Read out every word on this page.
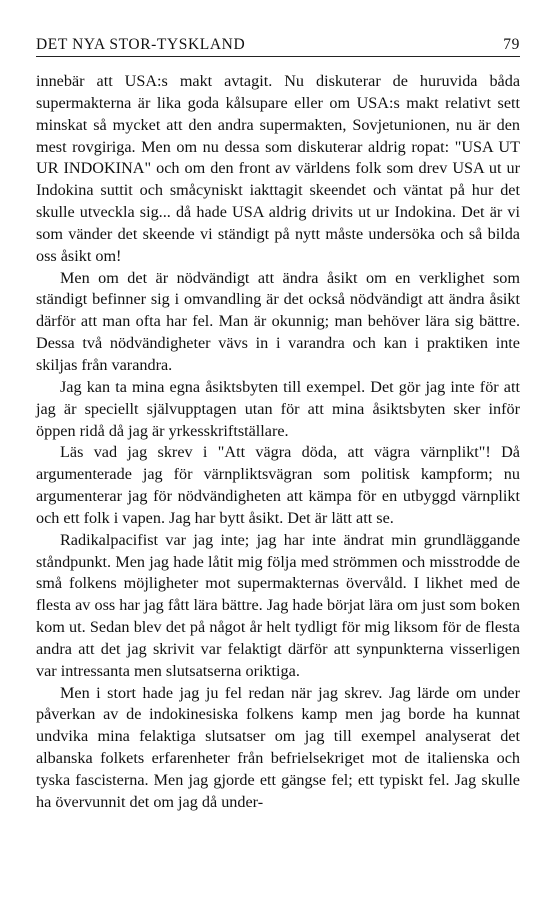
DET NYA STOR-TYSKLAND	79

innebär att USA:s makt avtagit. Nu diskuterar de huruvida båda supermakterna är lika goda kålsupare eller om USA:s makt relativt sett minskat så mycket att den andra supermakten, Sovjetunionen, nu är den mest rovgiriga. Men om nu dessa som diskuterar aldrig ropat: "USA UT UR INDOKINA" och om den front av världens folk som drev USA ut ur Indokina suttit och småcyniskt iakttagit skeendet och väntat på hur det skulle utveckla sig... då hade USA aldrig drivits ut ur Indokina. Det är vi som vänder det skeende vi ständigt på nytt måste undersöka och så bilda oss åsikt om!

Men om det är nödvändigt att ändra åsikt om en verklighet som ständigt befinner sig i omvandling är det också nödvändigt att ändra åsikt därför att man ofta har fel. Man är okunnig; man behöver lära sig bättre. Dessa två nödvändigheter vävs in i varandra och kan i praktiken inte skiljas från varandra.

Jag kan ta mina egna åsiktsbyten till exempel. Det gör jag inte för att jag är speciellt självupptagen utan för att mina åsiktsbyten sker inför öppen ridå då jag är yrkesskriftställare.

Läs vad jag skrev i "Att vägra döda, att vägra värnplikt"! Då argumenterade jag för värnpliktsvägran som politisk kampform; nu argumenterar jag för nödvändigheten att kämpa för en utbyggd värnplikt och ett folk i vapen. Jag har bytt åsikt. Det är lätt att se.

Radikalpacifist var jag inte; jag har inte ändrat min grundläggande ståndpunkt. Men jag hade låtit mig följa med strömmen och misstrodde de små folkens möjligheter mot supermakternas övervåld. I likhet med de flesta av oss har jag fått lära bättre. Jag hade börjat lära om just som boken kom ut. Sedan blev det på något år helt tydligt för mig liksom för de flesta andra att det jag skrivit var felaktigt därför att synpunkterna visserligen var intressanta men slutsatserna oriktiga.

Men i stort hade jag ju fel redan när jag skrev. Jag lärde om under påverkan av de indokinesiska folkens kamp men jag borde ha kunnat undvika mina felaktiga slutsatser om jag till exempel analyserat det albanska folkets erfarenheter från befrielsekriget mot de italienska och tyska fascisterna. Men jag gjorde ett gängse fel; ett typiskt fel. Jag skulle ha övervunnit det om jag då under-
